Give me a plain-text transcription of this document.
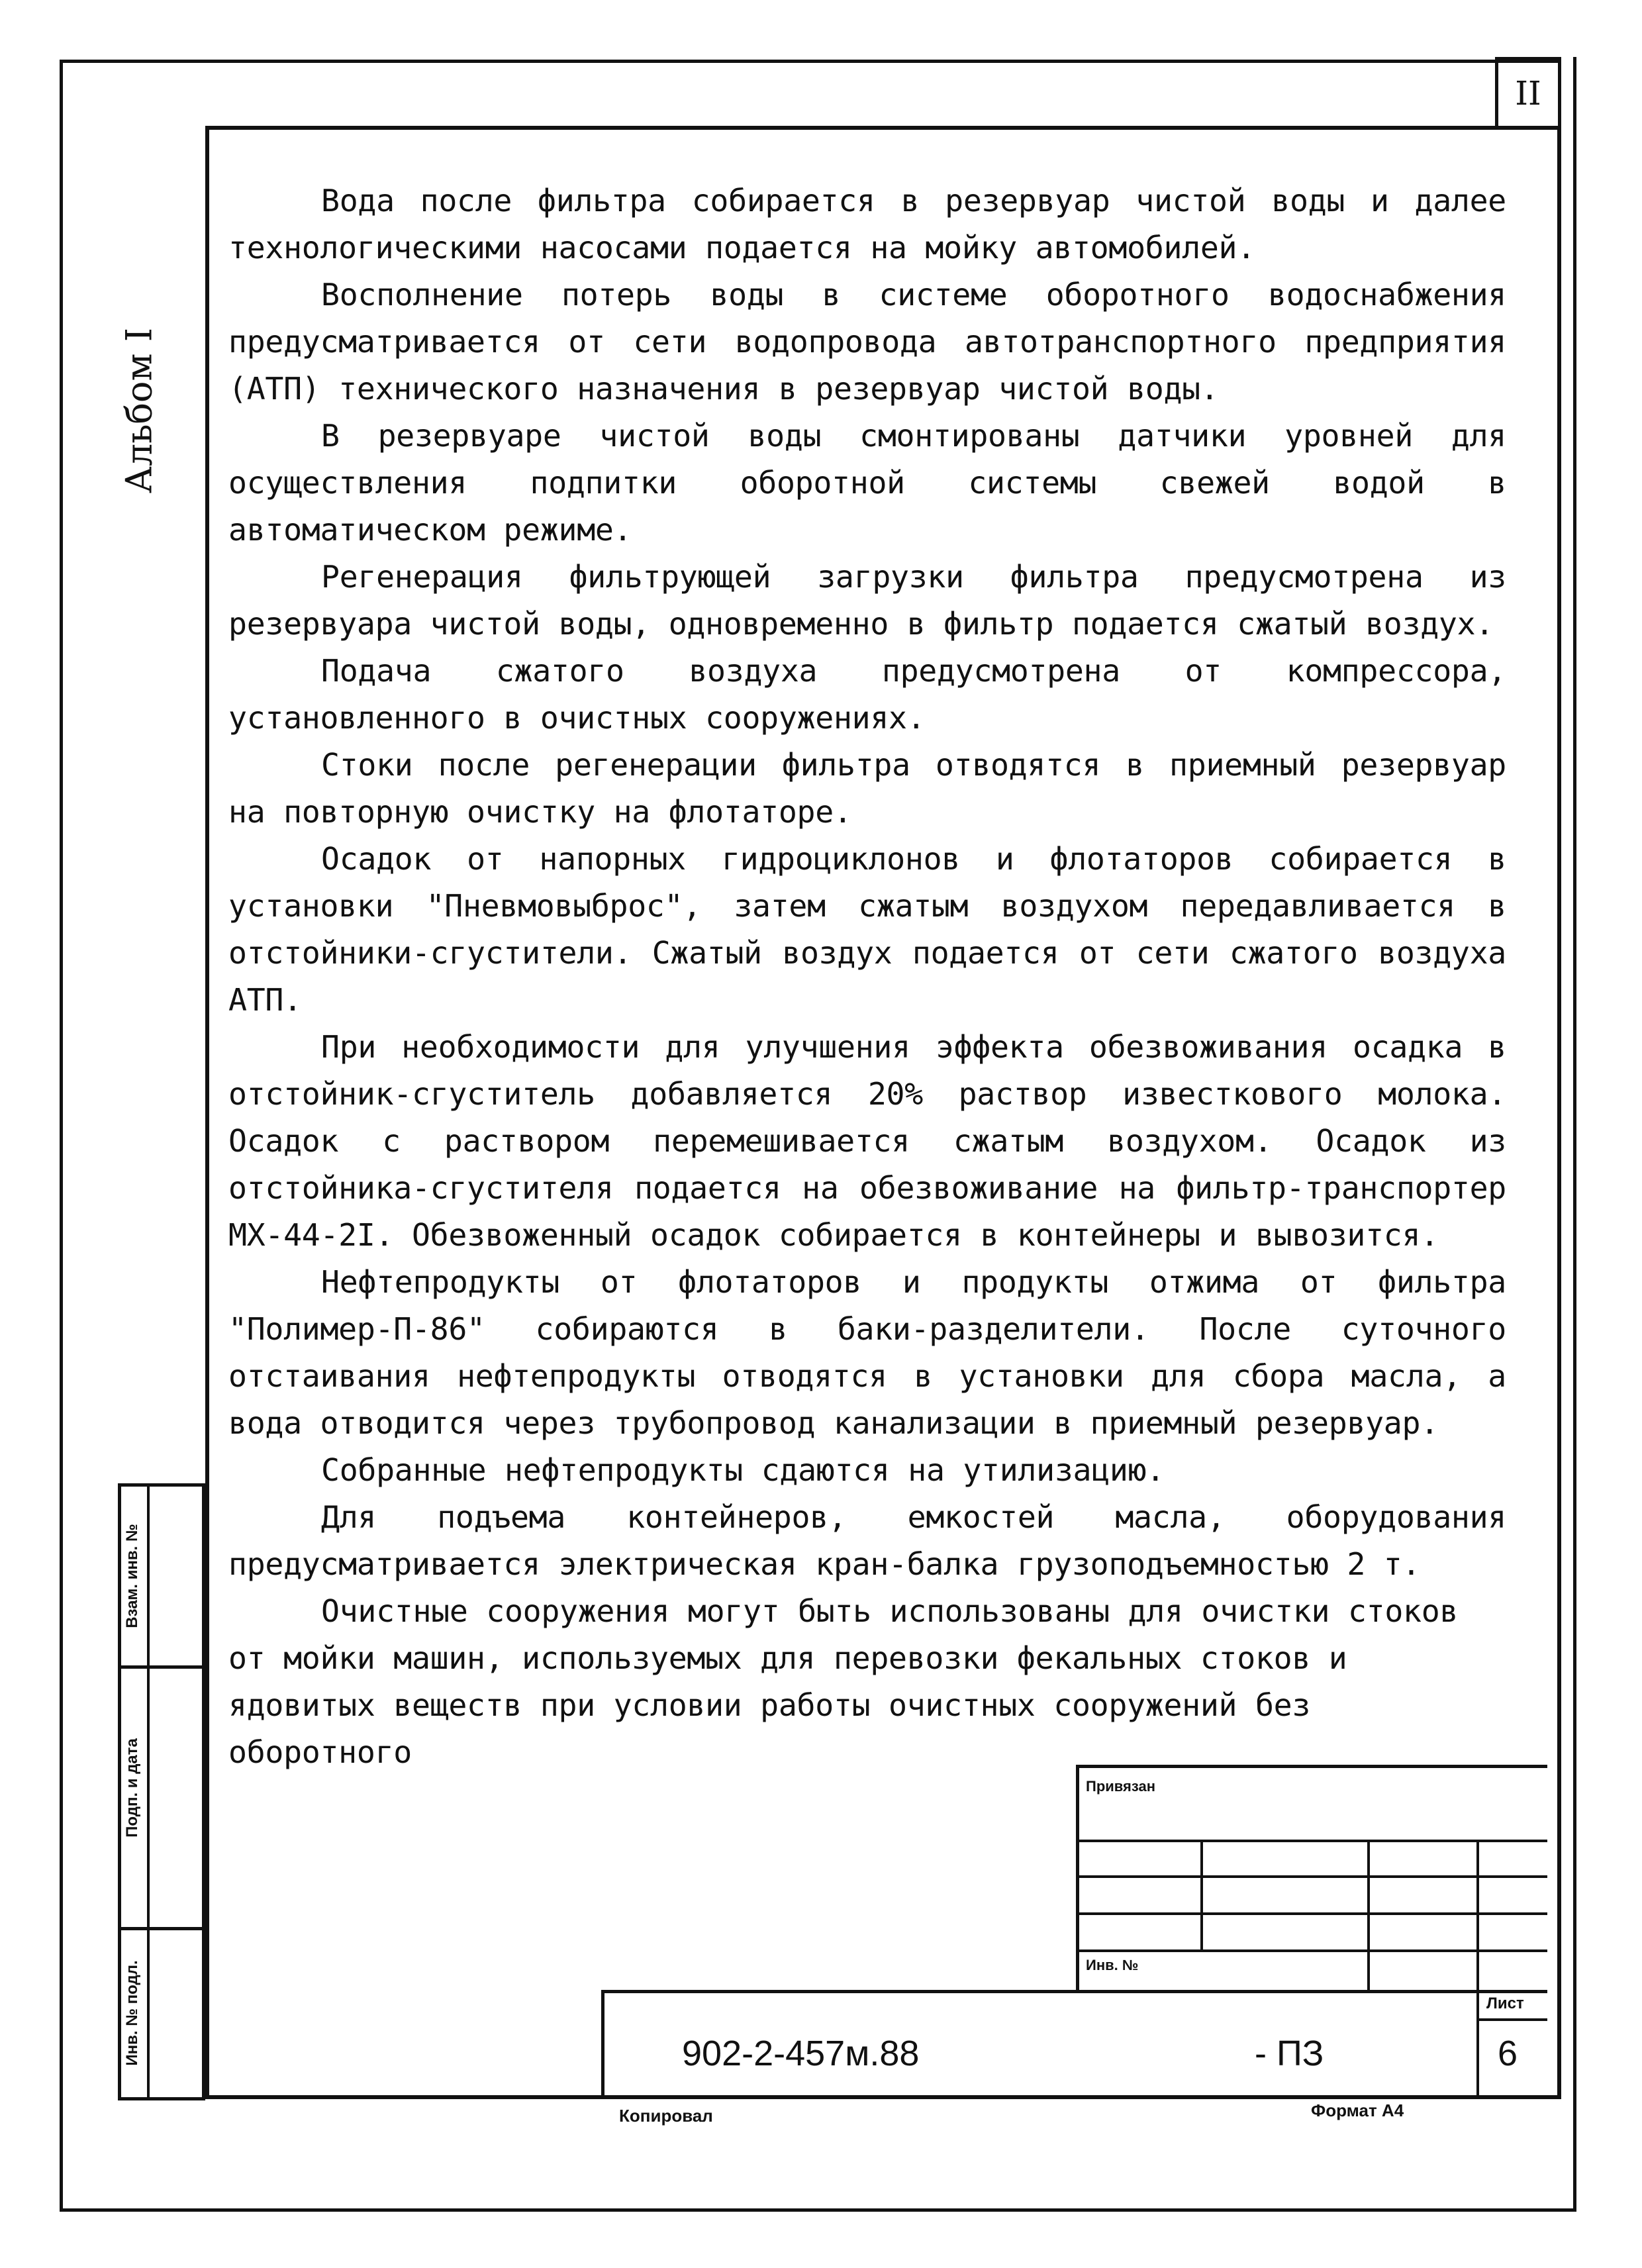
II
Альбом I

Вода после фильтра собирается в резервуар чистой воды и далее технологическими насосами подается на мойку автомобилей.

Восполнение потерь воды в системе оборотного водоснабжения предусматривается от сети водопровода автотранспортного предприятия (АТП) технического назначения в резервуар чистой воды.

В резервуаре чистой воды смонтированы датчики уровней для осуществления подпитки оборотной системы свежей водой в автоматическом режиме.

Регенерация фильтрующей загрузки фильтра предусмотрена из резервуара чистой воды, одновременно в фильтр подается сжатый воздух.

Подача сжатого воздуха предусмотрена от компрессора, установленного в очистных сооружениях.

Стоки после регенерации фильтра отводятся в приемный резервуар на повторную очистку на флотаторе.

Осадок от напорных гидроциклонов и флотаторов собирается в установки "Пневмовыброс", затем сжатым воздухом передавливается в отстойники-сгустители. Сжатый воздух подается от сети сжатого воздуха АТП.

При необходимости для улучшения эффекта обезвоживания осадка в отстойник-сгуститель добавляется 20% раствор известкового молока. Осадок с раствором перемешивается сжатым воздухом. Осадок из отстойника-сгустителя подается на обезвоживание на фильтр-транспортер МХ-44-2I. Обезвоженный осадок собирается в контейнеры и вывозится.

Нефтепродукты от флотаторов и продукты отжима от фильтра "Полимер-П-86" собираются в баки-разделители. После суточного отстаивания нефтепродукты отводятся в установки для сбора масла, а вода отводится через трубопровод канализации в приемный резервуар.

Собранные нефтепродукты сдаются на утилизацию.

Для подъема контейнеров, емкостей масла, оборудования предусматривается электрическая кран-балка грузоподъемностью 2 т.

Очистные сооружения могут быть использованы для очистки стоков от мойки машин, используемых для перевозки фекальных стоков и ядовитых веществ при условии работы очистных сооружений без оборотного

Взам. инв. №
Подп. и дата
Инв. № подл.
Привязан
Инв. №
Лист
902-2-457м.88	- ПЗ	6
Копировал	Формат А4
